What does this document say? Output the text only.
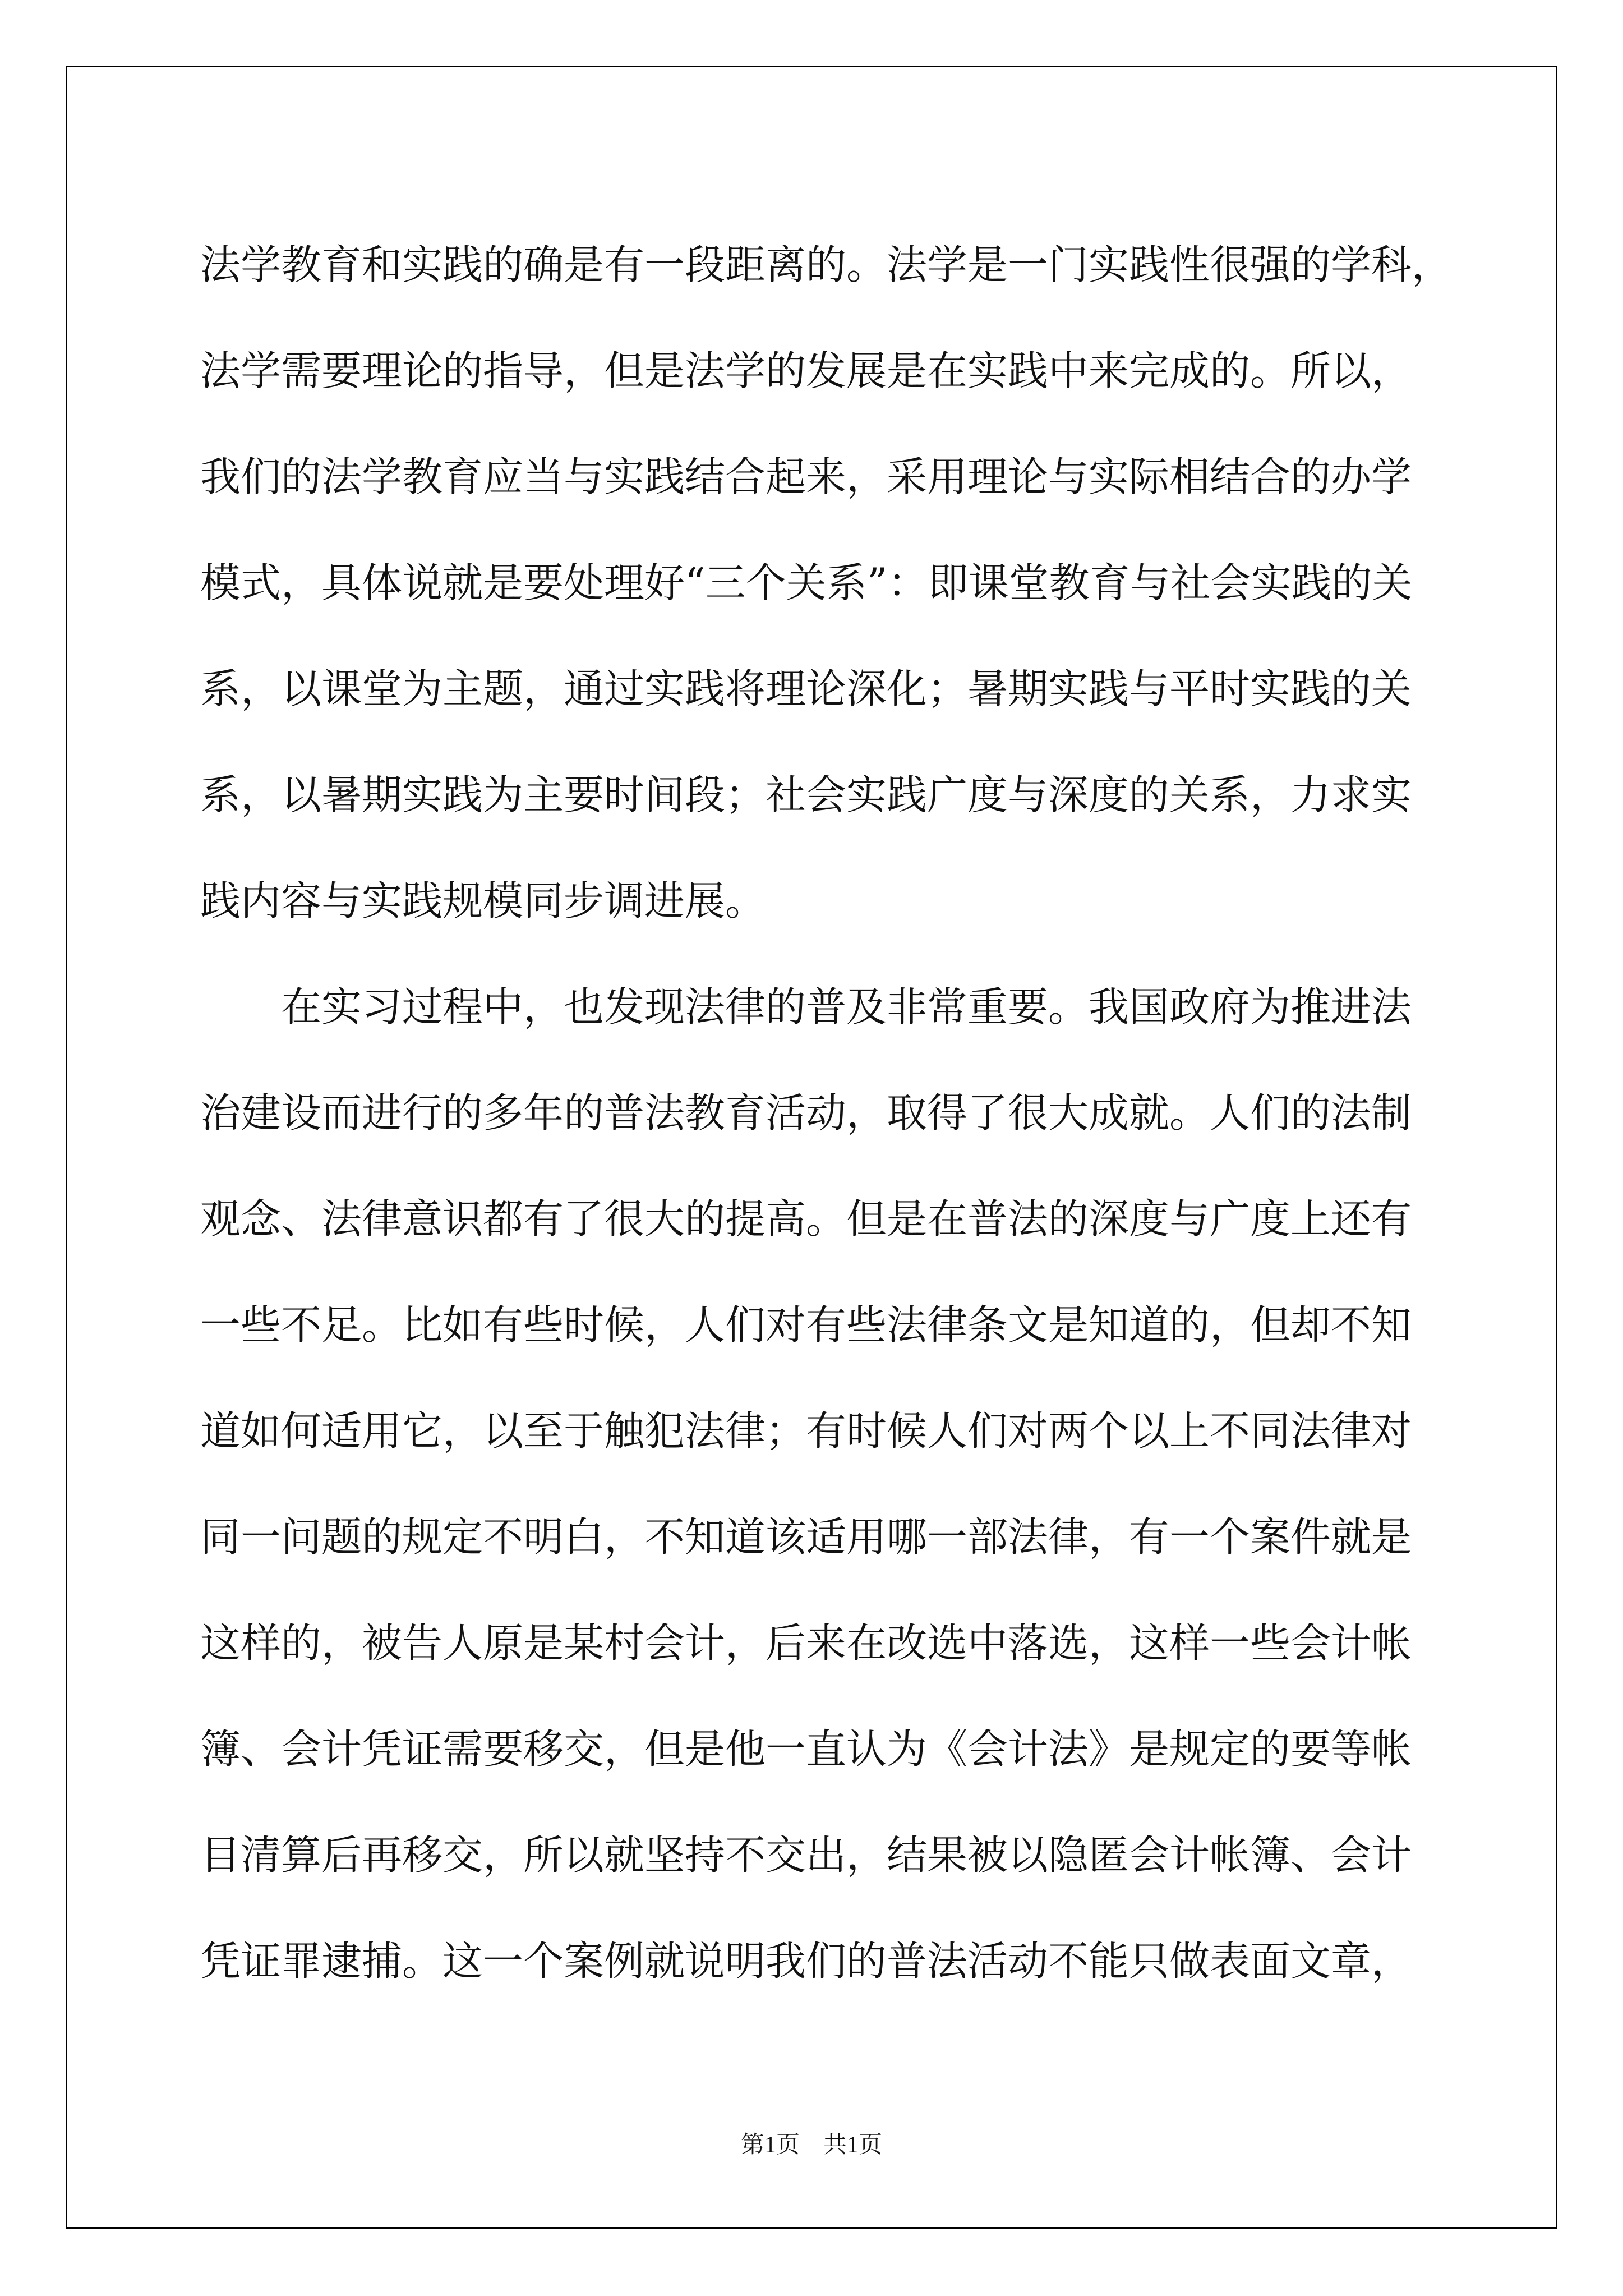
法学教育和实践的确是有一段距离的。法学是一门实践性很强的学科，
法学需要理论的指导，但是法学的发展是在实践中来完成的。所以，
我们的法学教育应当与实践结合起来，采用理论与实际相结合的办学
模式，具体说就是要处理好“三个关系”：即课堂教育与社会实践的关
系，以课堂为主题，通过实践将理论深化；暑期实践与平时实践的关
系，以暑期实践为主要时间段；社会实践广度与深度的关系，力求实
践内容与实践规模同步调进展。
　　在实习过程中，也发现法律的普及非常重要。我国政府为推进法
治建设而进行的多年的普法教育活动，取得了很大成就。人们的法制
观念、法律意识都有了很大的提高。但是在普法的深度与广度上还有
一些不足。比如有些时候，人们对有些法律条文是知道的，但却不知
道如何适用它，以至于触犯法律；有时候人们对两个以上不同法律对
同一问题的规定不明白，不知道该适用哪一部法律，有一个案件就是
这样的，被告人原是某村会计，后来在改选中落选，这样一些会计帐
簿、会计凭证需要移交，但是他一直认为《会计法》是规定的要等帐
目清算后再移交，所以就坚持不交出，结果被以隐匿会计帐簿、会计
凭证罪逮捕。这一个案例就说明我们的普法活动不能只做表面文章，
第1页　共1页
